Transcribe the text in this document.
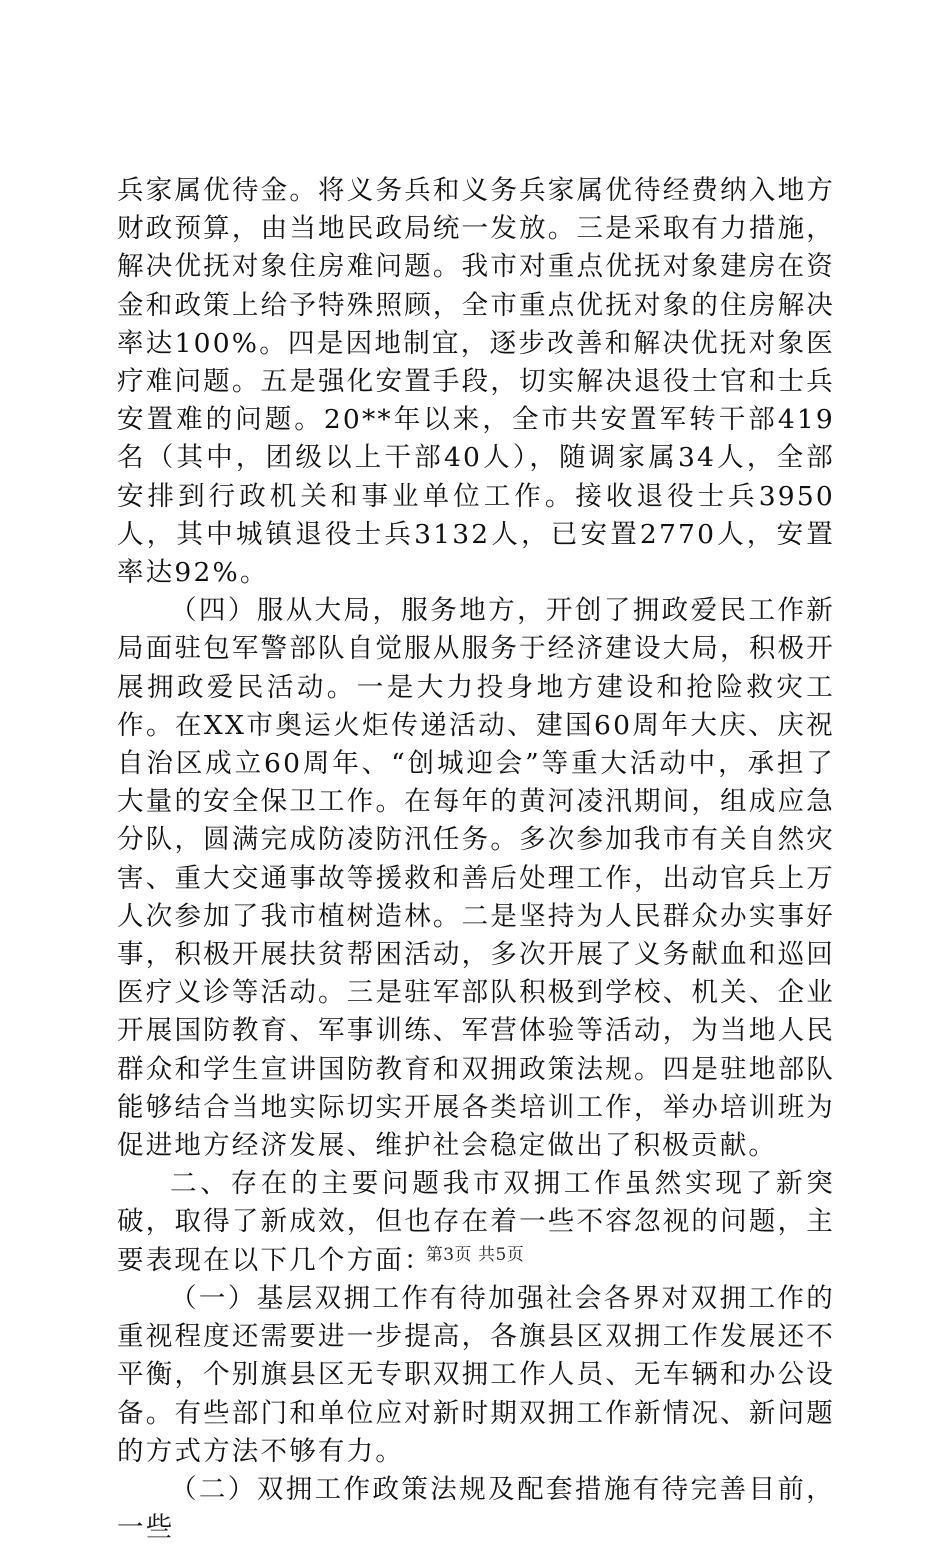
兵家属优待金。将义务兵和义务兵家属优待经费纳入地方财政预算，由当地民政局统一发放。三是采取有力措施，解决优抚对象住房难问题。我市对重点优抚对象建房在资金和政策上给予特殊照顾，全市重点优抚对象的住房解决率达100%。四是因地制宜，逐步改善和解决优抚对象医疗难问题。五是强化安置手段，切实解决退役士官和士兵安置难的问题。20**年以来，全市共安置军转干部419名（其中，团级以上干部40人），随调家属34人，全部安排到行政机关和事业单位工作。接收退役士兵3950人，其中城镇退役士兵3132人，已安置2770人，安置率达92%。

（四）服从大局，服务地方，开创了拥政爱民工作新局面驻包军警部队自觉服从服务于经济建设大局，积极开展拥政爱民活动。一是大力投身地方建设和抢险救灾工作。在XX市奥运火炬传递活动、建国60周年大庆、庆祝自治区成立60周年、“创城迎会”等重大活动中，承担了大量的安全保卫工作。在每年的黄河凌汛期间，组成应急分队，圆满完成防凌防汛任务。多次参加我市有关自然灾害、重大交通事故等援救和善后处理工作，出动官兵上万人次参加了我市植树造林。二是坚持为人民群众办实事好事，积极开展扶贫帮困活动，多次开展了义务献血和巡回医疗义诊等活动。三是驻军部队积极到学校、机关、企业开展国防教育、军事训练、军营体验等活动，为当地人民群众和学生宣讲国防教育和双拥政策法规。四是驻地部队能够结合当地实际切实开展各类培训工作，举办培训班为促进地方经济发展、维护社会稳定做出了积极贡献。

二、存在的主要问题我市双拥工作虽然实现了新突破，取得了新成效，但也存在着一些不容忽视的问题，主要表现在以下几个方面：

（一）基层双拥工作有待加强社会各界对双拥工作的重视程度还需要进一步提高，各旗县区双拥工作发展还不平衡，个别旗县区无专职双拥工作人员、无车辆和办公设备。有些部门和单位应对新时期双拥工作新情况、新问题的方式方法不够有力。

（二）双拥工作政策法规及配套措施有待完善目前，一些

第3页 共5页
